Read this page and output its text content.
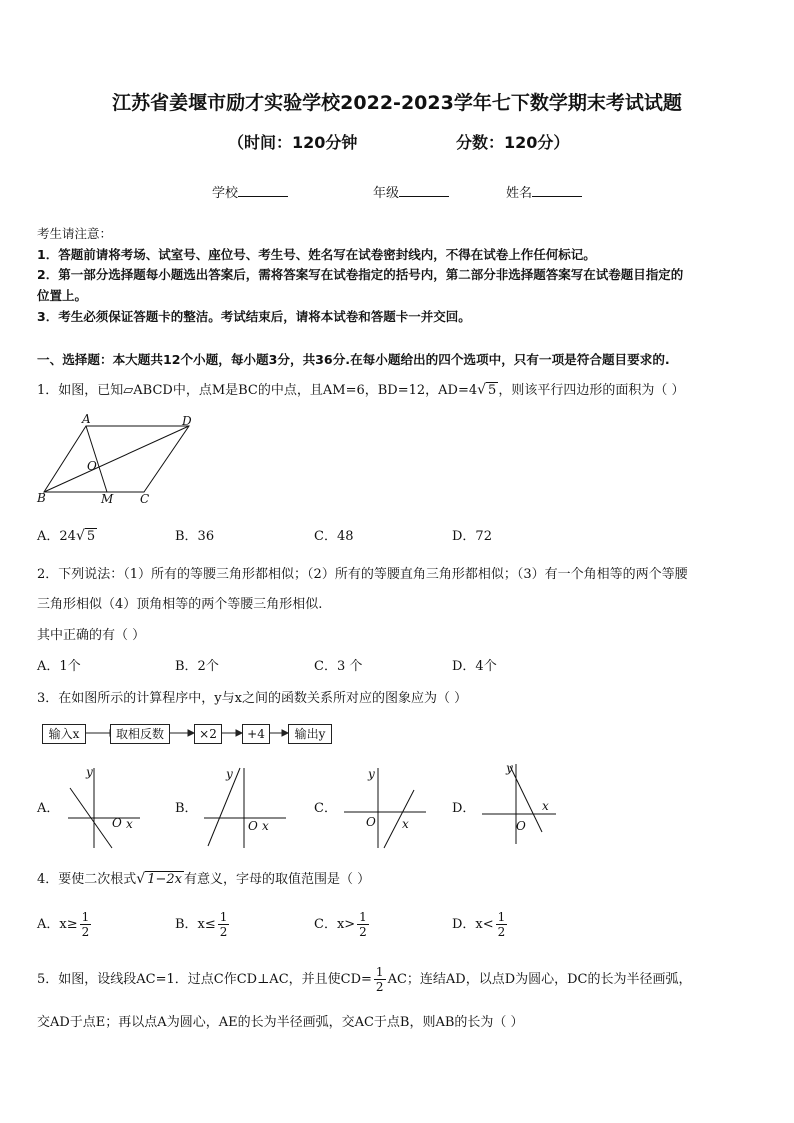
江苏省姜堰市励才实验学校2022-2023学年七下数学期末考试试题
（时间：120分钟	分数：120分）
学校	年级	姓名
考生请注意：
1．答题前请将考场、试室号、座位号、考生号、姓名写在试卷密封线内，不得在试卷上作任何标记。
2．第一部分选择题每小题选出答案后，需将答案写在试卷指定的括号内，第二部分非选择题答案写在试卷题目指定的
位置上。
3．考生必须保证答题卡的整洁。考试结束后，请将本试卷和答题卡一并交回。
一、选择题：本大题共12个小题，每小题3分，共36分.在每小题给出的四个选项中，只有一项是符合题目要求的.
1．如图，已知▱ABCD中，点M是BC的中点，且AM=6，BD=12，AD=4√ 5 ，则该平行四边形的面积为（ ）
A	D
O
B	M C
A．24√ 5	B．36	C．48	D．72
2．下列说法：（1）所有的等腰三角形都相似；（2）所有的等腰直角三角形都相似；（3）有一个角相等的两个等腰
三角形相似（4）顶角相等的两个等腰三角形相似.
其中正确的有（ ）
A．1个	B．2个	C．3 个	D．4个
3．在如图所示的计算程序中，y与x之间的函数关系所对应的图象应为（ ）
输入x	取相反数	×2	+4	输出y
A．	B．	C．	D．
y
O x
y
O x
y
O x
y
O
x
4．要使二次根式√ 1−2x 有意义，字母的取值范围是（ ）
A．$x\ge \frac{1}{2}$	B．$x\le \frac{1}{2}$	C．$x> \frac{1}{2}$	D．$x< \frac{1}{2}$
5．如图，设线段AC=1．过点C作CD⊥AC，并且使$CD= \frac{1}{2}$ AC；连结AD，以点D为圆心，DC的长为半径画弧，
交AD于点E；再以点A为圆心，AE的长为半径画弧，交AC于点B，则AB的长为（ ）
